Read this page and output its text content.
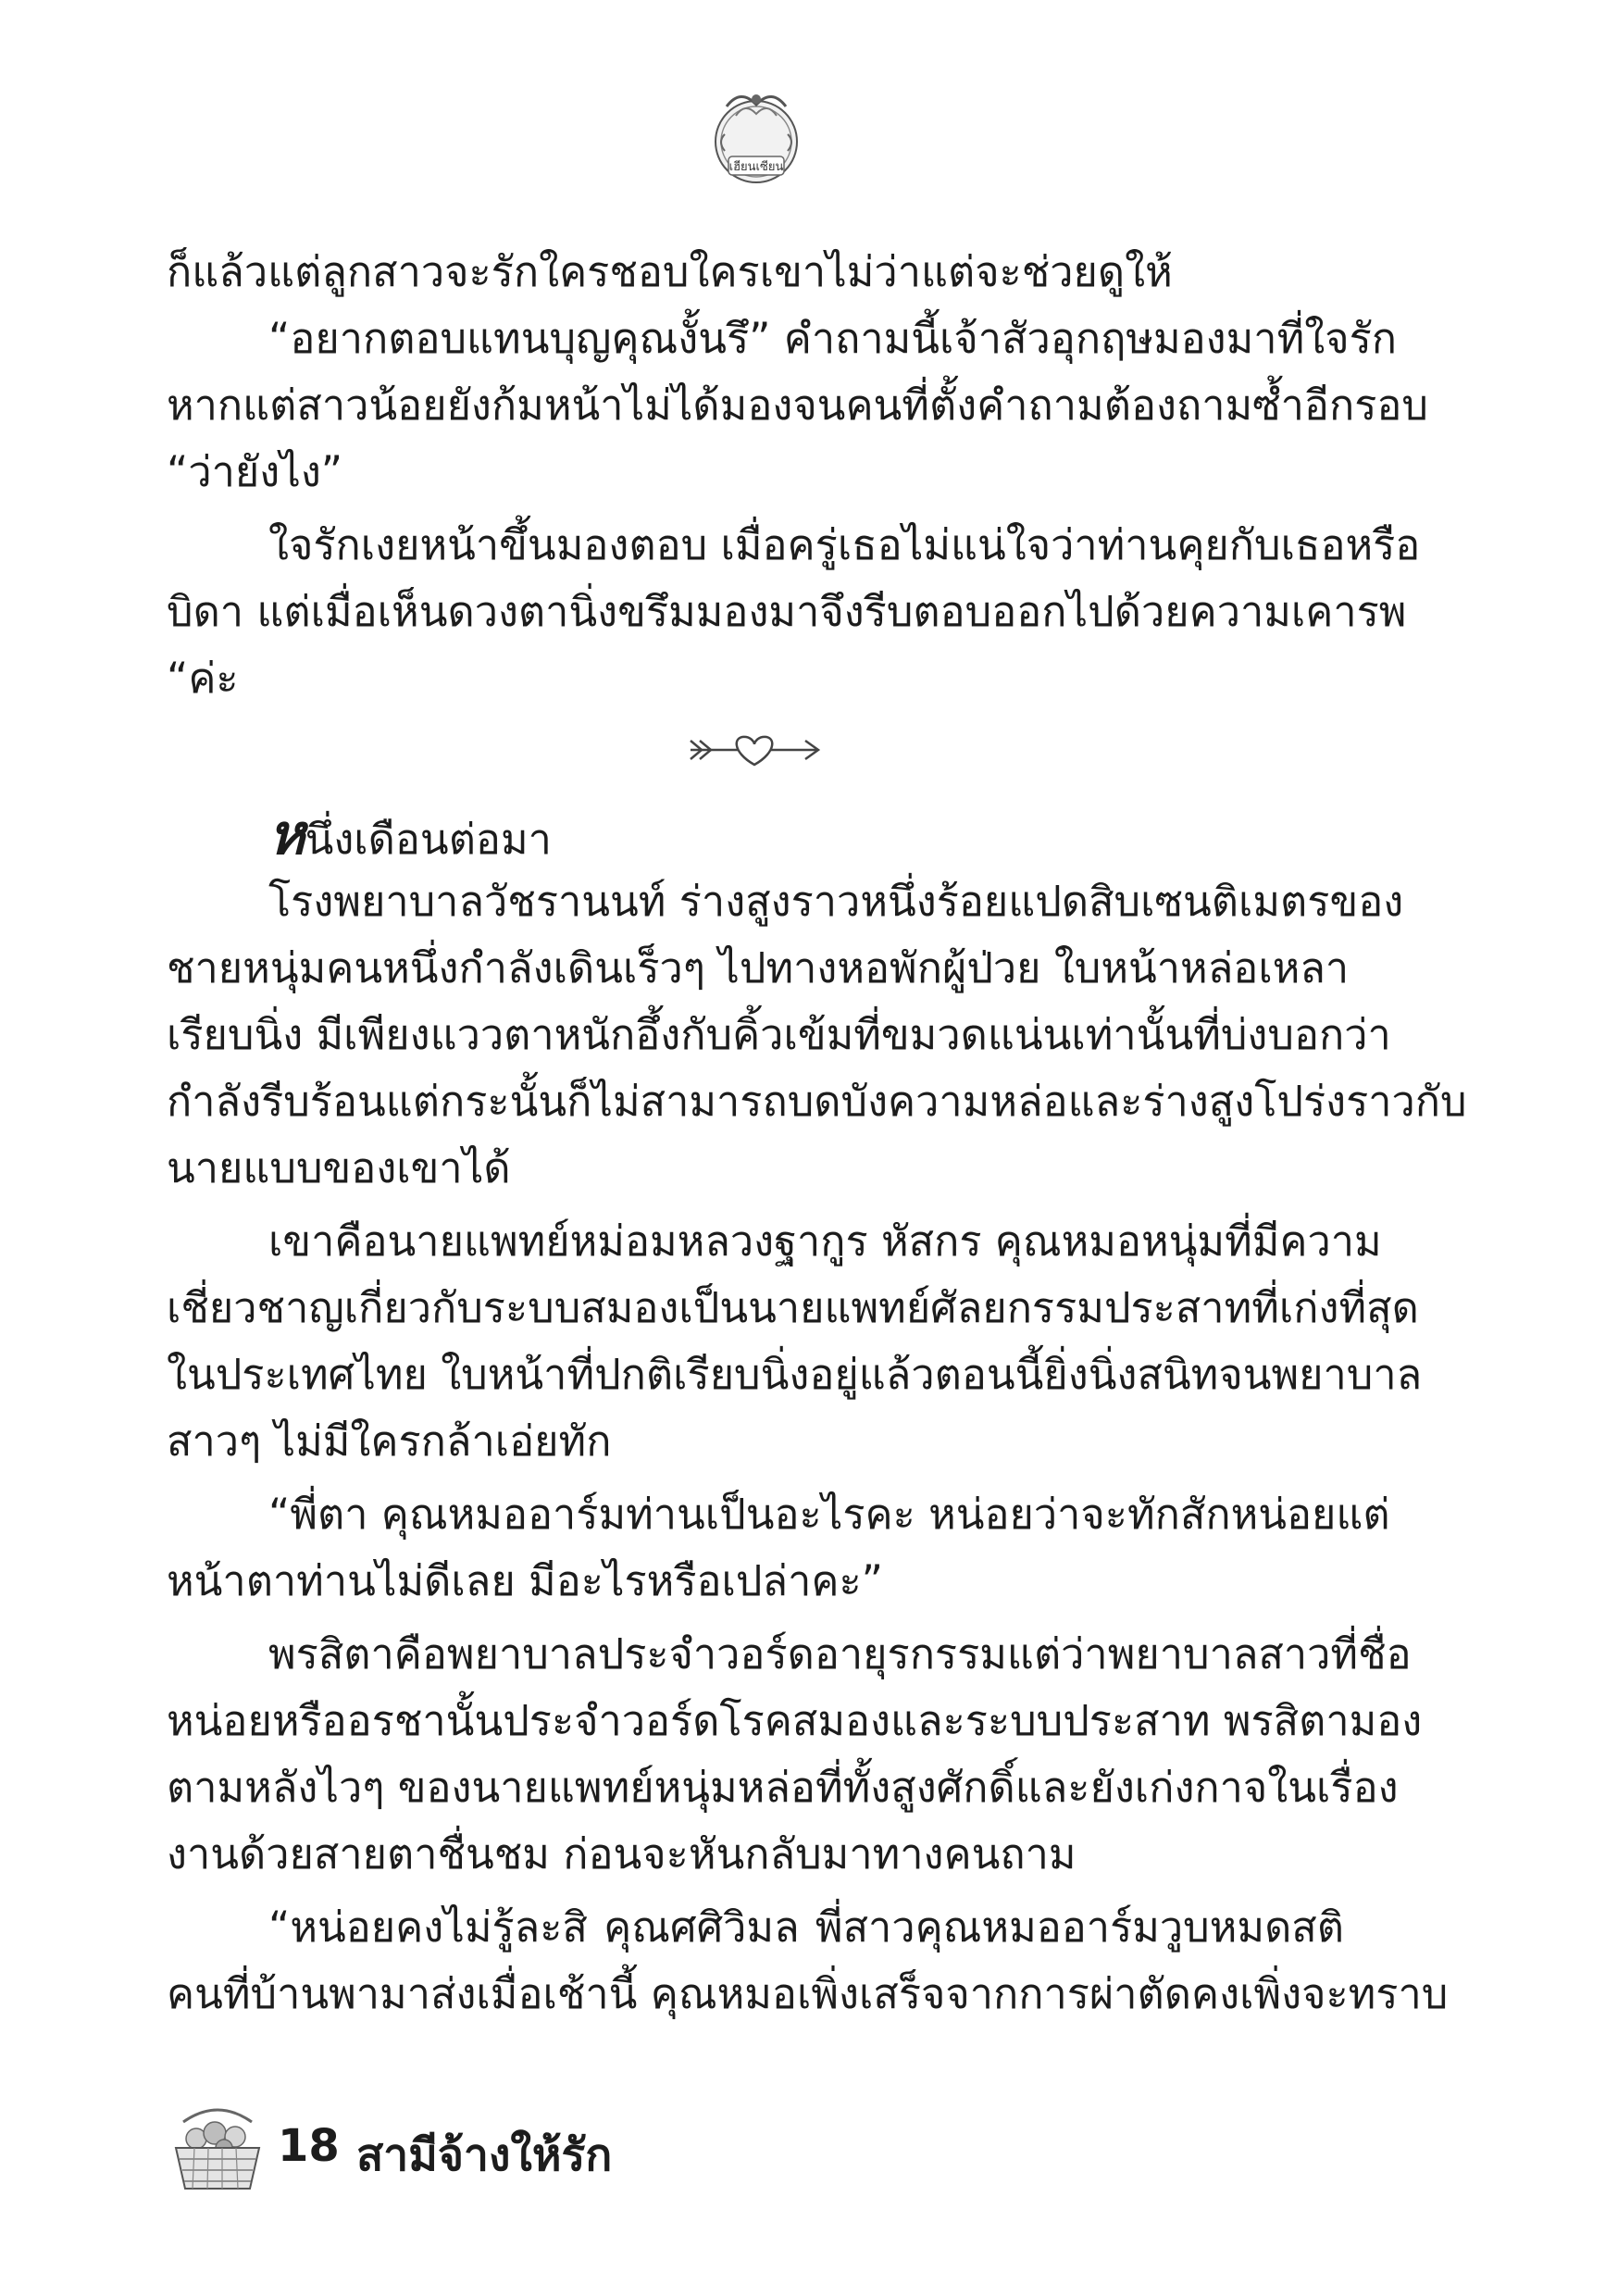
เฮียนเซียน
ก็แล้วแต่ลูกสาวจะรักใครชอบใครเขาไม่ว่าแต่จะช่วยดูให้
“อยากตอบแทนบุญคุณงั้นรึ” คำถามนี้เจ้าสัวอุกฤษมองมาที่ใจรัก
หากแต่สาวน้อยยังก้มหน้าไม่ได้มองจนคนที่ตั้งคำถามต้องถามซ้ำอีกรอบ
“ว่ายังไง”
ใจรักเงยหน้าขึ้นมองตอบ เมื่อครู่เธอไม่แน่ใจว่าท่านคุยกับเธอหรือ
บิดา แต่เมื่อเห็นดวงตานิ่งขรึมมองมาจึงรีบตอบออกไปด้วยความเคารพ
“ค่ะ
หนึ่งเดือนต่อมา
โรงพยาบาลวัชรานนท์ ร่างสูงราวหนึ่งร้อยแปดสิบเซนติเมตรของ
ชายหนุ่มคนหนึ่งกำลังเดินเร็วๆ ไปทางหอพักผู้ป่วย ใบหน้าหล่อเหลา
เรียบนิ่ง มีเพียงแววตาหนักอึ้งกับคิ้วเข้มที่ขมวดแน่นเท่านั้นที่บ่งบอกว่า
กำลังรีบร้อนแต่กระนั้นก็ไม่สามารถบดบังความหล่อและร่างสูงโปร่งราวกับ
นายแบบของเขาได้
เขาคือนายแพทย์หม่อมหลวงฐากูร หัสกร คุณหมอหนุ่มที่มีความ
เชี่ยวชาญเกี่ยวกับระบบสมองเป็นนายแพทย์ศัลยกรรมประสาทที่เก่งที่สุด
ในประเทศไทย ใบหน้าที่ปกติเรียบนิ่งอยู่แล้วตอนนี้ยิ่งนิ่งสนิทจนพยาบาล
สาวๆ ไม่มีใครกล้าเอ่ยทัก
“พี่ตา คุณหมออาร์มท่านเป็นอะไรคะ หน่อยว่าจะทักสักหน่อยแต่
หน้าตาท่านไม่ดีเลย มีอะไรหรือเปล่าคะ”
พรสิตาคือพยาบาลประจำวอร์ดอายุรกรรมแต่ว่าพยาบาลสาวที่ชื่อ
หน่อยหรืออรชานั้นประจำวอร์ดโรคสมองและระบบประสาท พรสิตามอง
ตามหลังไวๆ ของนายแพทย์หนุ่มหล่อที่ทั้งสูงศักดิ์และยังเก่งกาจในเรื่อง
งานด้วยสายตาชื่นชม ก่อนจะหันกลับมาทางคนถาม
“หน่อยคงไม่รู้ละสิ คุณศศิวิมล พี่สาวคุณหมออาร์มวูบหมดสติ
คนที่บ้านพามาส่งเมื่อเช้านี้ คุณหมอเพิ่งเสร็จจากการผ่าตัดคงเพิ่งจะทราบ
18 สามีจ้างให้รัก
